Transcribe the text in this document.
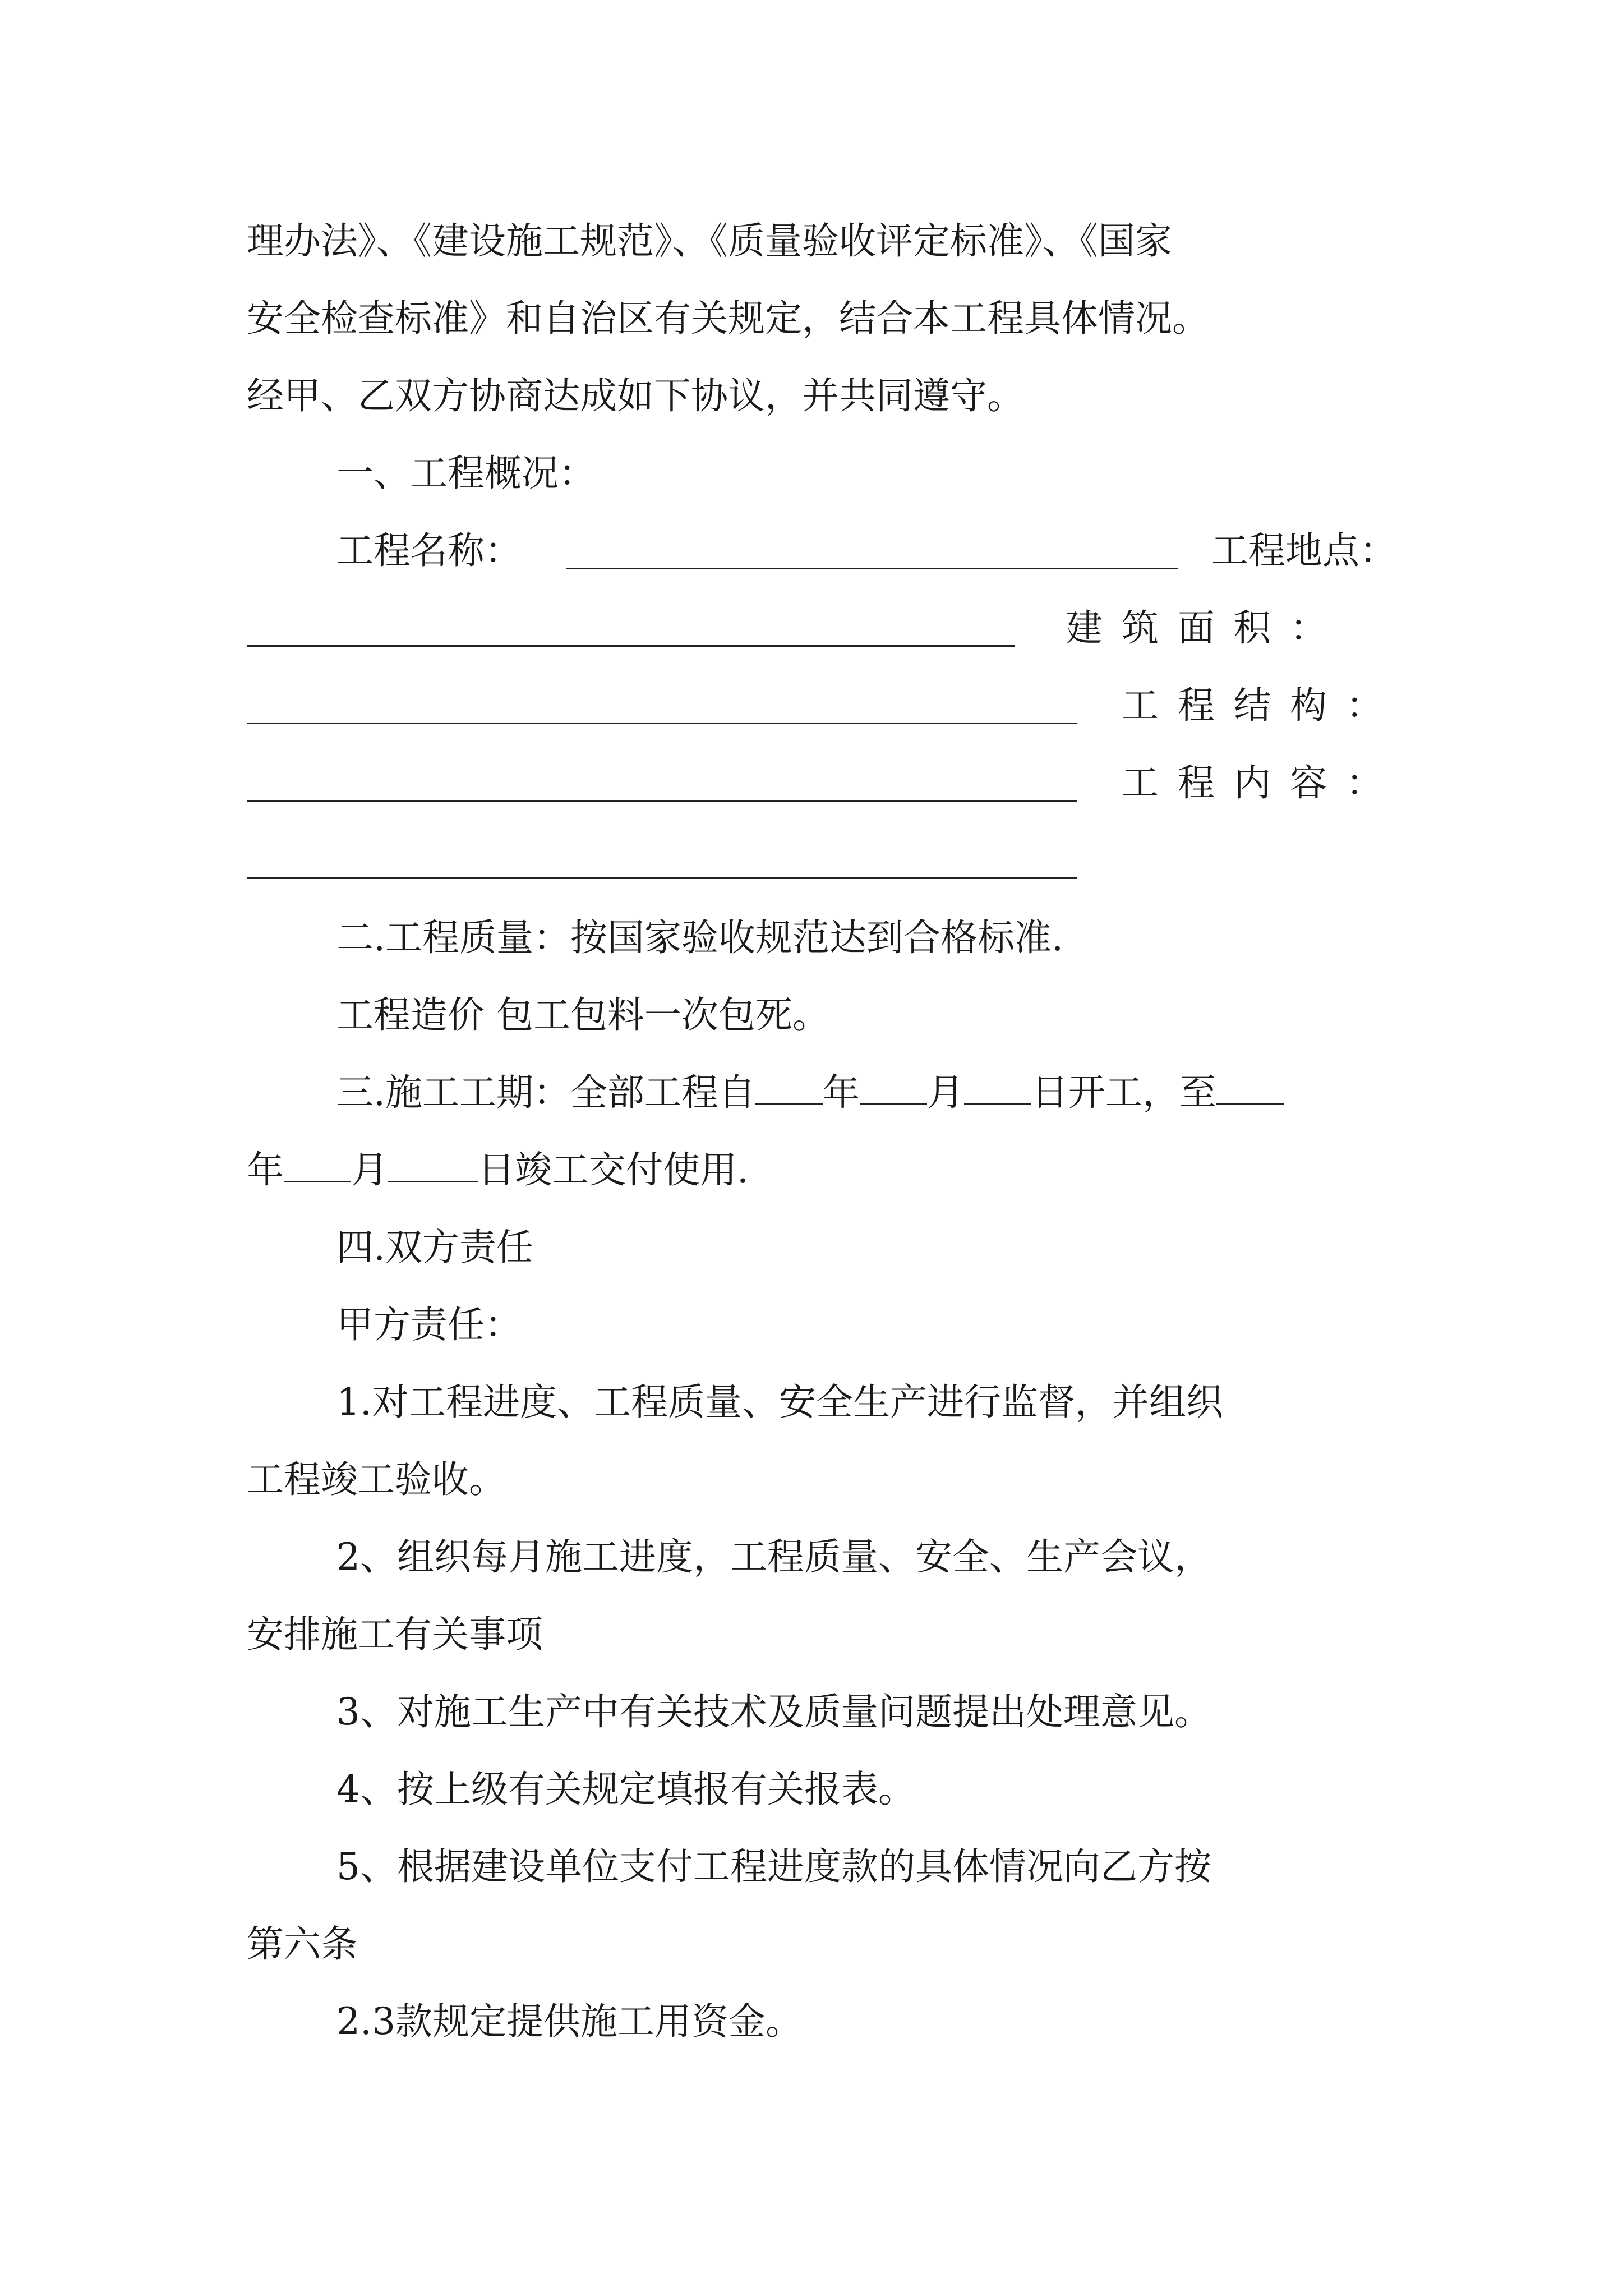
理办法》、《建设施工规范》、《质量验收评定标准》、《国家
安全检查标准》和自治区有关规定，结合本工程具体情况。
经甲、乙双方协商达成如下协议，并共同遵守。
一、工程概况：
工程名称：	工程地点：
建筑面积：
工程结构：
工程内容：
二.工程质量：按国家验收规范达到合格标准.
工程造价 包工包料一次包死。
三.施工工期：全部工程自 年 月 日开工，至
年 月 日竣工交付使用.
四.双方责任
甲方责任：
1.对工程进度、工程质量、安全生产进行监督，并组织
工程竣工验收。
2、组织每月施工进度，工程质量、安全、生产会议，
安排施工有关事项
3、对施工生产中有关技术及质量问题提出处理意见。
4、按上级有关规定填报有关报表。
5、根据建设单位支付工程进度款的具体情况向乙方按
第六条
2.3款规定提供施工用资金。
